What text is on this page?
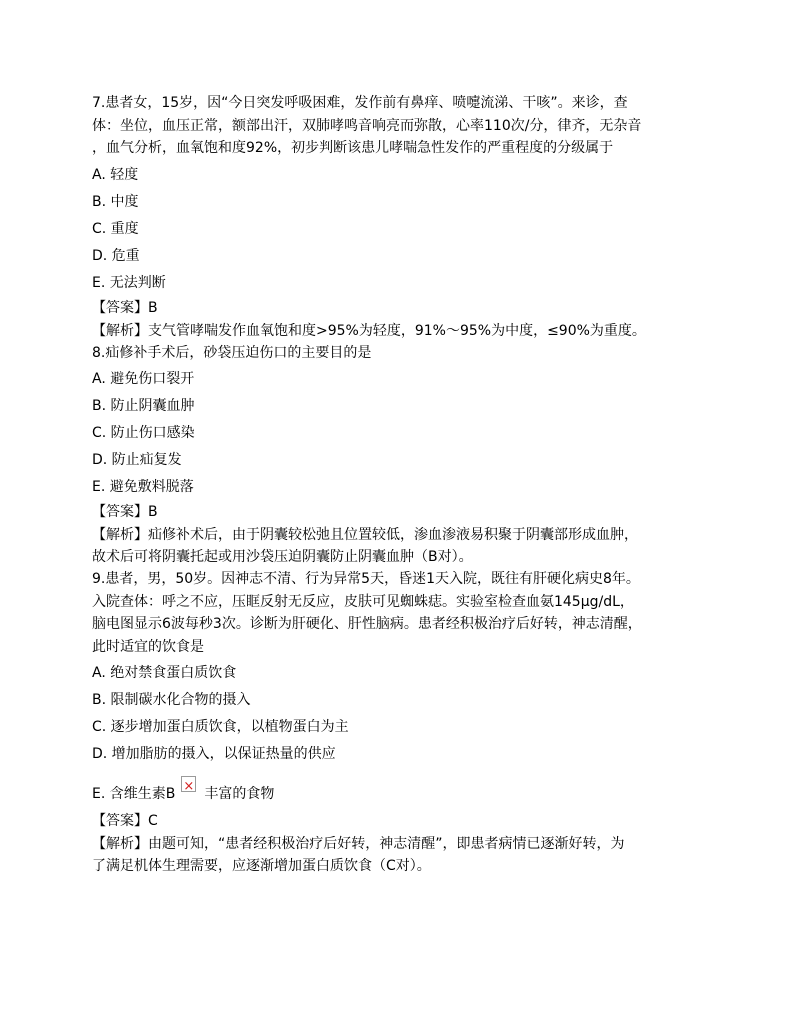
7.患者女，15岁，因“今日突发呼吸困难，发作前有鼻痒、喷嚏流涕、干咳”。来诊，查
体：坐位，血压正常，额部出汗，双肺哮鸣音响亮而弥散，心率110次/分，律齐，无杂音
，血气分析，血氧饱和度92%，初步判断该患儿哮喘急性发作的严重程度的分级属于
A. 轻度
B. 中度
C. 重度
D. 危重
E. 无法判断
【答案】B
【解析】支气管哮喘发作血氧饱和度>95%为轻度，91%～95%为中度，≤90%为重度。
8.疝修补手术后，砂袋压迫伤口的主要目的是
A. 避免伤口裂开
B. 防止阴囊血肿
C. 防止伤口感染
D. 防止疝复发
E. 避免敷料脱落
【答案】B
【解析】疝修补术后，由于阴囊较松弛且位置较低，渗血渗液易积聚于阴囊部形成血肿，
故术后可将阴囊托起或用沙袋压迫阴囊防止阴囊血肿（B对）。
9.患者，男，50岁。因神志不清、行为异常5天，昏迷1天入院，既往有肝硬化病史8年。
入院查体：呼之不应，压眶反射无反应，皮肤可见蜘蛛痣。实验室检查血氨145μg/dL，
脑电图显示6波每秒3次。诊断为肝硬化、肝性脑病。患者经积极治疗后好转，神志清醒，
此时适宜的饮食是
A. 绝对禁食蛋白质饮食
B. 限制碳水化合物的摄入
C. 逐步增加蛋白质饮食，以植物蛋白为主
D. 增加脂肪的摄入，以保证热量的供应
E. 含维生素B× 丰富的食物
【答案】C
【解析】由题可知，“患者经积极治疗后好转，神志清醒”，即患者病情已逐渐好转，为
了满足机体生理需要，应逐渐增加蛋白质饮食（C对）。
